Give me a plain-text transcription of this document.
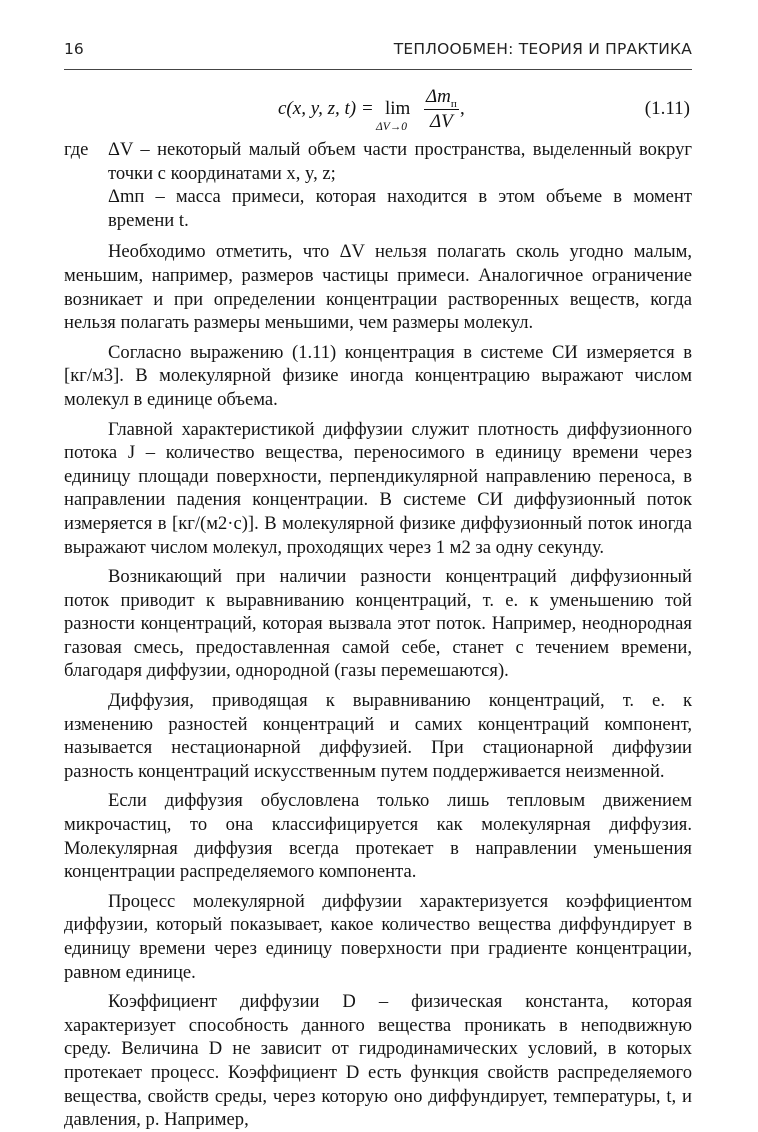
16	ТЕПЛООБМЕН: ТЕОРИЯ И ПРАКТИКА
c(x, y, z, t) = lim
ΔV→0
$\Delta m_п$
ΔV
,	(1.11)
где ΔV – некоторый малый объем части пространства, выделенный вокруг точки с координатами x, y, z;
Δmп – масса примеси, которая находится в этом объеме в момент времени t.

Необходимо отметить, что ΔV нельзя полагать сколь угодно малым, меньшим, например, размеров частицы примеси. Аналогичное ограничение возникает и при определении концентрации растворенных веществ, когда нельзя полагать размеры меньшими, чем размеры молекул.

Согласно выражению (1.11) концентрация в системе СИ измеряется в [кг/м3]. В молекулярной физике иногда концентрацию выражают числом молекул в единице объема.

Главной характеристикой диффузии служит плотность диффузионного потока J – количество вещества, переносимого в единицу времени через единицу площади поверхности, перпендикулярной направлению переноса, в направлении падения концентрации. В системе СИ диффузионный поток измеряется в [кг/(м2·с)]. В молекулярной физике диффузионный поток иногда выражают числом молекул, проходящих через 1 м2 за одну секунду.

Возникающий при наличии разности концентраций диффузионный поток приводит к выравниванию концентраций, т. е. к уменьшению той разности концентраций, которая вызвала этот поток. Например, неоднородная газовая смесь, предоставленная самой себе, станет с течением времени, благодаря диффузии, однородной (газы перемешаются).

Диффузия, приводящая к выравниванию концентраций, т. е. к изменению разностей концентраций и самих концентраций компонент, называется нестационарной диффузией. При стационарной диффузии разность концентраций искусственным путем поддерживается неизменной.

Если диффузия обусловлена только лишь тепловым движением микрочастиц, то она классифицируется как молекулярная диффузия. Молекулярная диффузия всегда протекает в направлении уменьшения концентрации распределяемого компонента.

Процесс молекулярной диффузии характеризуется коэффициентом диффузии, который показывает, какое количество вещества диффундирует в единицу времени через единицу поверхности при градиенте концентрации, равном единице.

Коэффициент диффузии D – физическая константа, которая характеризует способность данного вещества проникать в неподвижную среду. Величина D не зависит от гидродинамических условий, в которых протекает процесс. Коэффициент D есть функция свойств распределяемого вещества, свойств среды, через которую оно диффундирует, температуры, t, и давления, p. Например,
